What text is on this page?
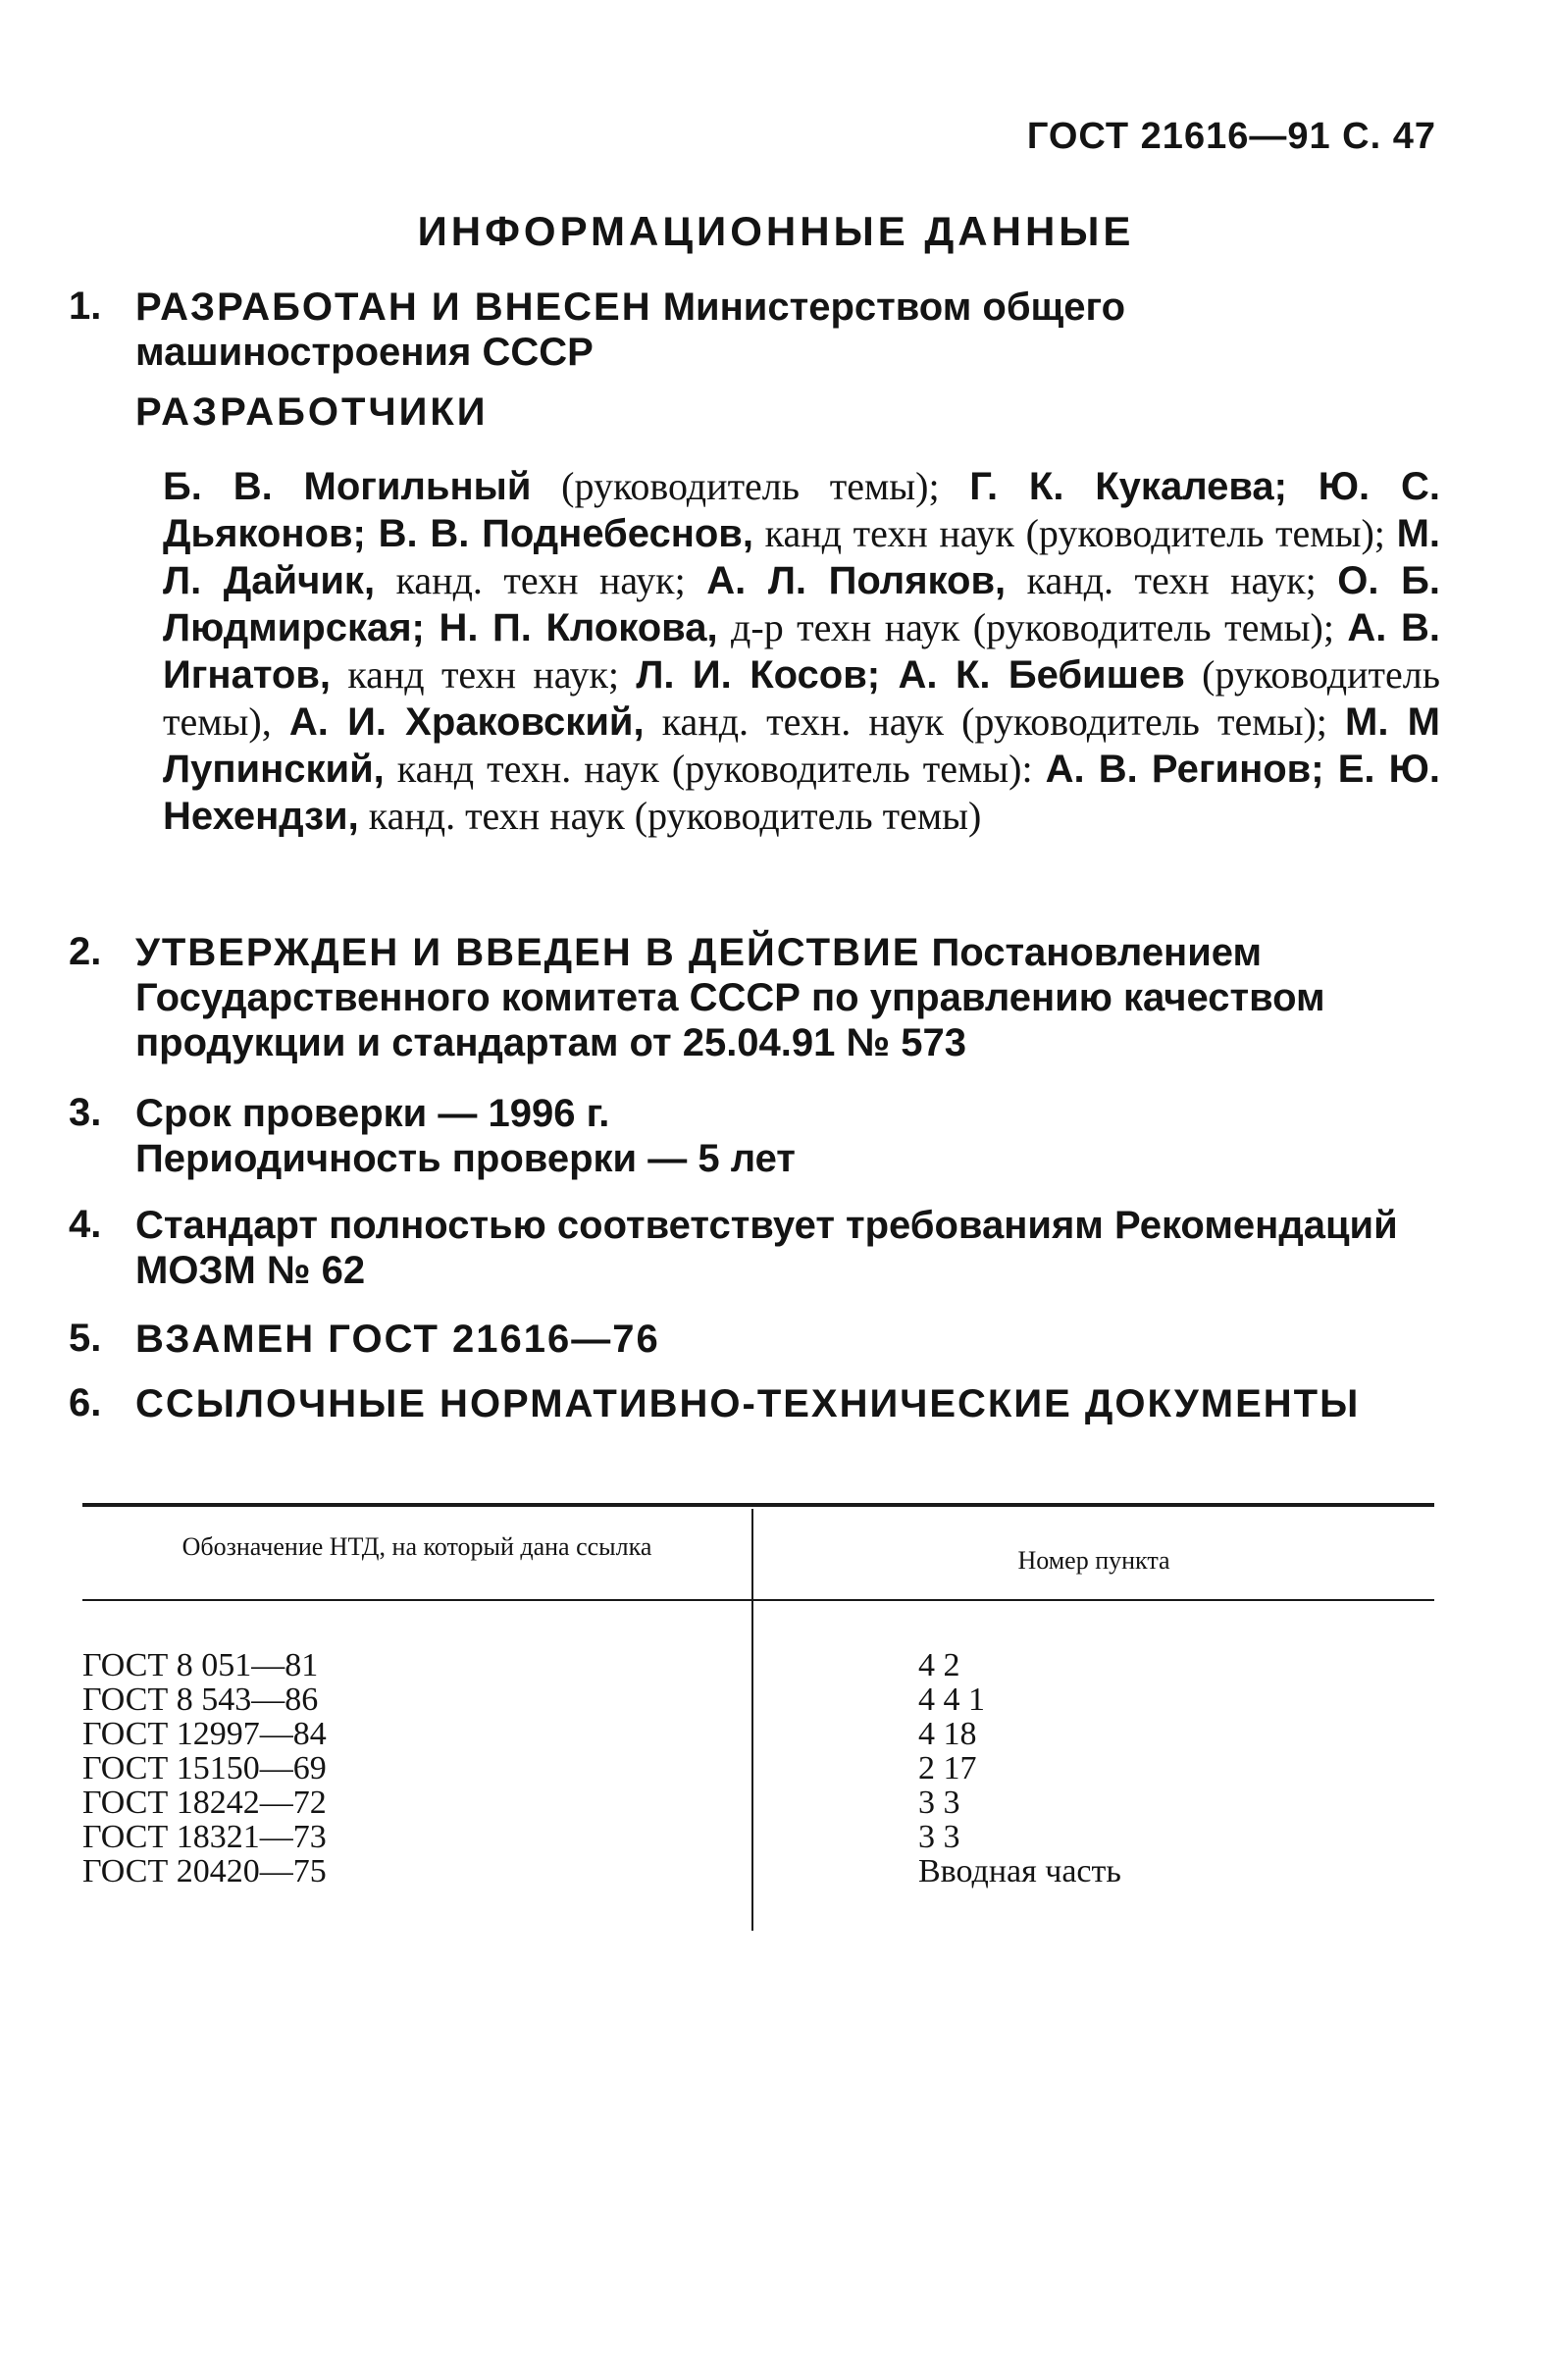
ГОСТ 21616—91 С. 47
ИНФОРМАЦИОННЫЕ ДАННЫЕ
1. РАЗРАБОТАН И ВНЕСЕН Министерством общего машиностроения СССР
РАЗРАБОТЧИКИ
Б. В. Могильный (руководитель темы); Г. К. Кукалева; Ю. С. Дьяконов; В. В. Поднебеснов, канд техн наук (руководитель темы); М. Л. Дайчик, канд. техн наук; А. Л. Поляков, канд. техн наук; О. Б. Людмирская; Н. П. Клокова, д-р техн наук (руководитель темы); А. В. Игнатов, канд техн наук; Л. И. Косов; А. К. Бебишев (руководитель темы), А. И. Храковский, канд. техн. наук (руководитель темы); М. М Лупинский, канд техн. наук (руководитель темы): А. В. Регинов; Е. Ю. Нехендзи, канд. техн наук (руководитель темы)
2. УТВЕРЖДЕН И ВВЕДЕН В ДЕЙСТВИЕ Постановлением Государственного комитета СССР по управлению качеством продукции и стандартам от 25.04.91 № 573
3. Срок проверки — 1996 г.
Периодичность проверки — 5 лет
4. Стандарт полностью соответствует требованиям Рекомендаций МОЗМ № 62
5. ВЗАМЕН ГОСТ 21616—76
6. ССЫЛОЧНЫЕ НОРМАТИВНО-ТЕХНИЧЕСКИЕ ДОКУМЕНТЫ
Обозначение НТД, на который дана ссылка	Номер пункта
ГОСТ 8 051—81	4 2
ГОСТ 8 543—86	4 4 1
ГОСТ 12997—84	4 18
ГОСТ 15150—69	2 17
ГОСТ 18242—72	3 3
ГОСТ 18321—73	3 3
ГОСТ 20420—75	Вводная часть
